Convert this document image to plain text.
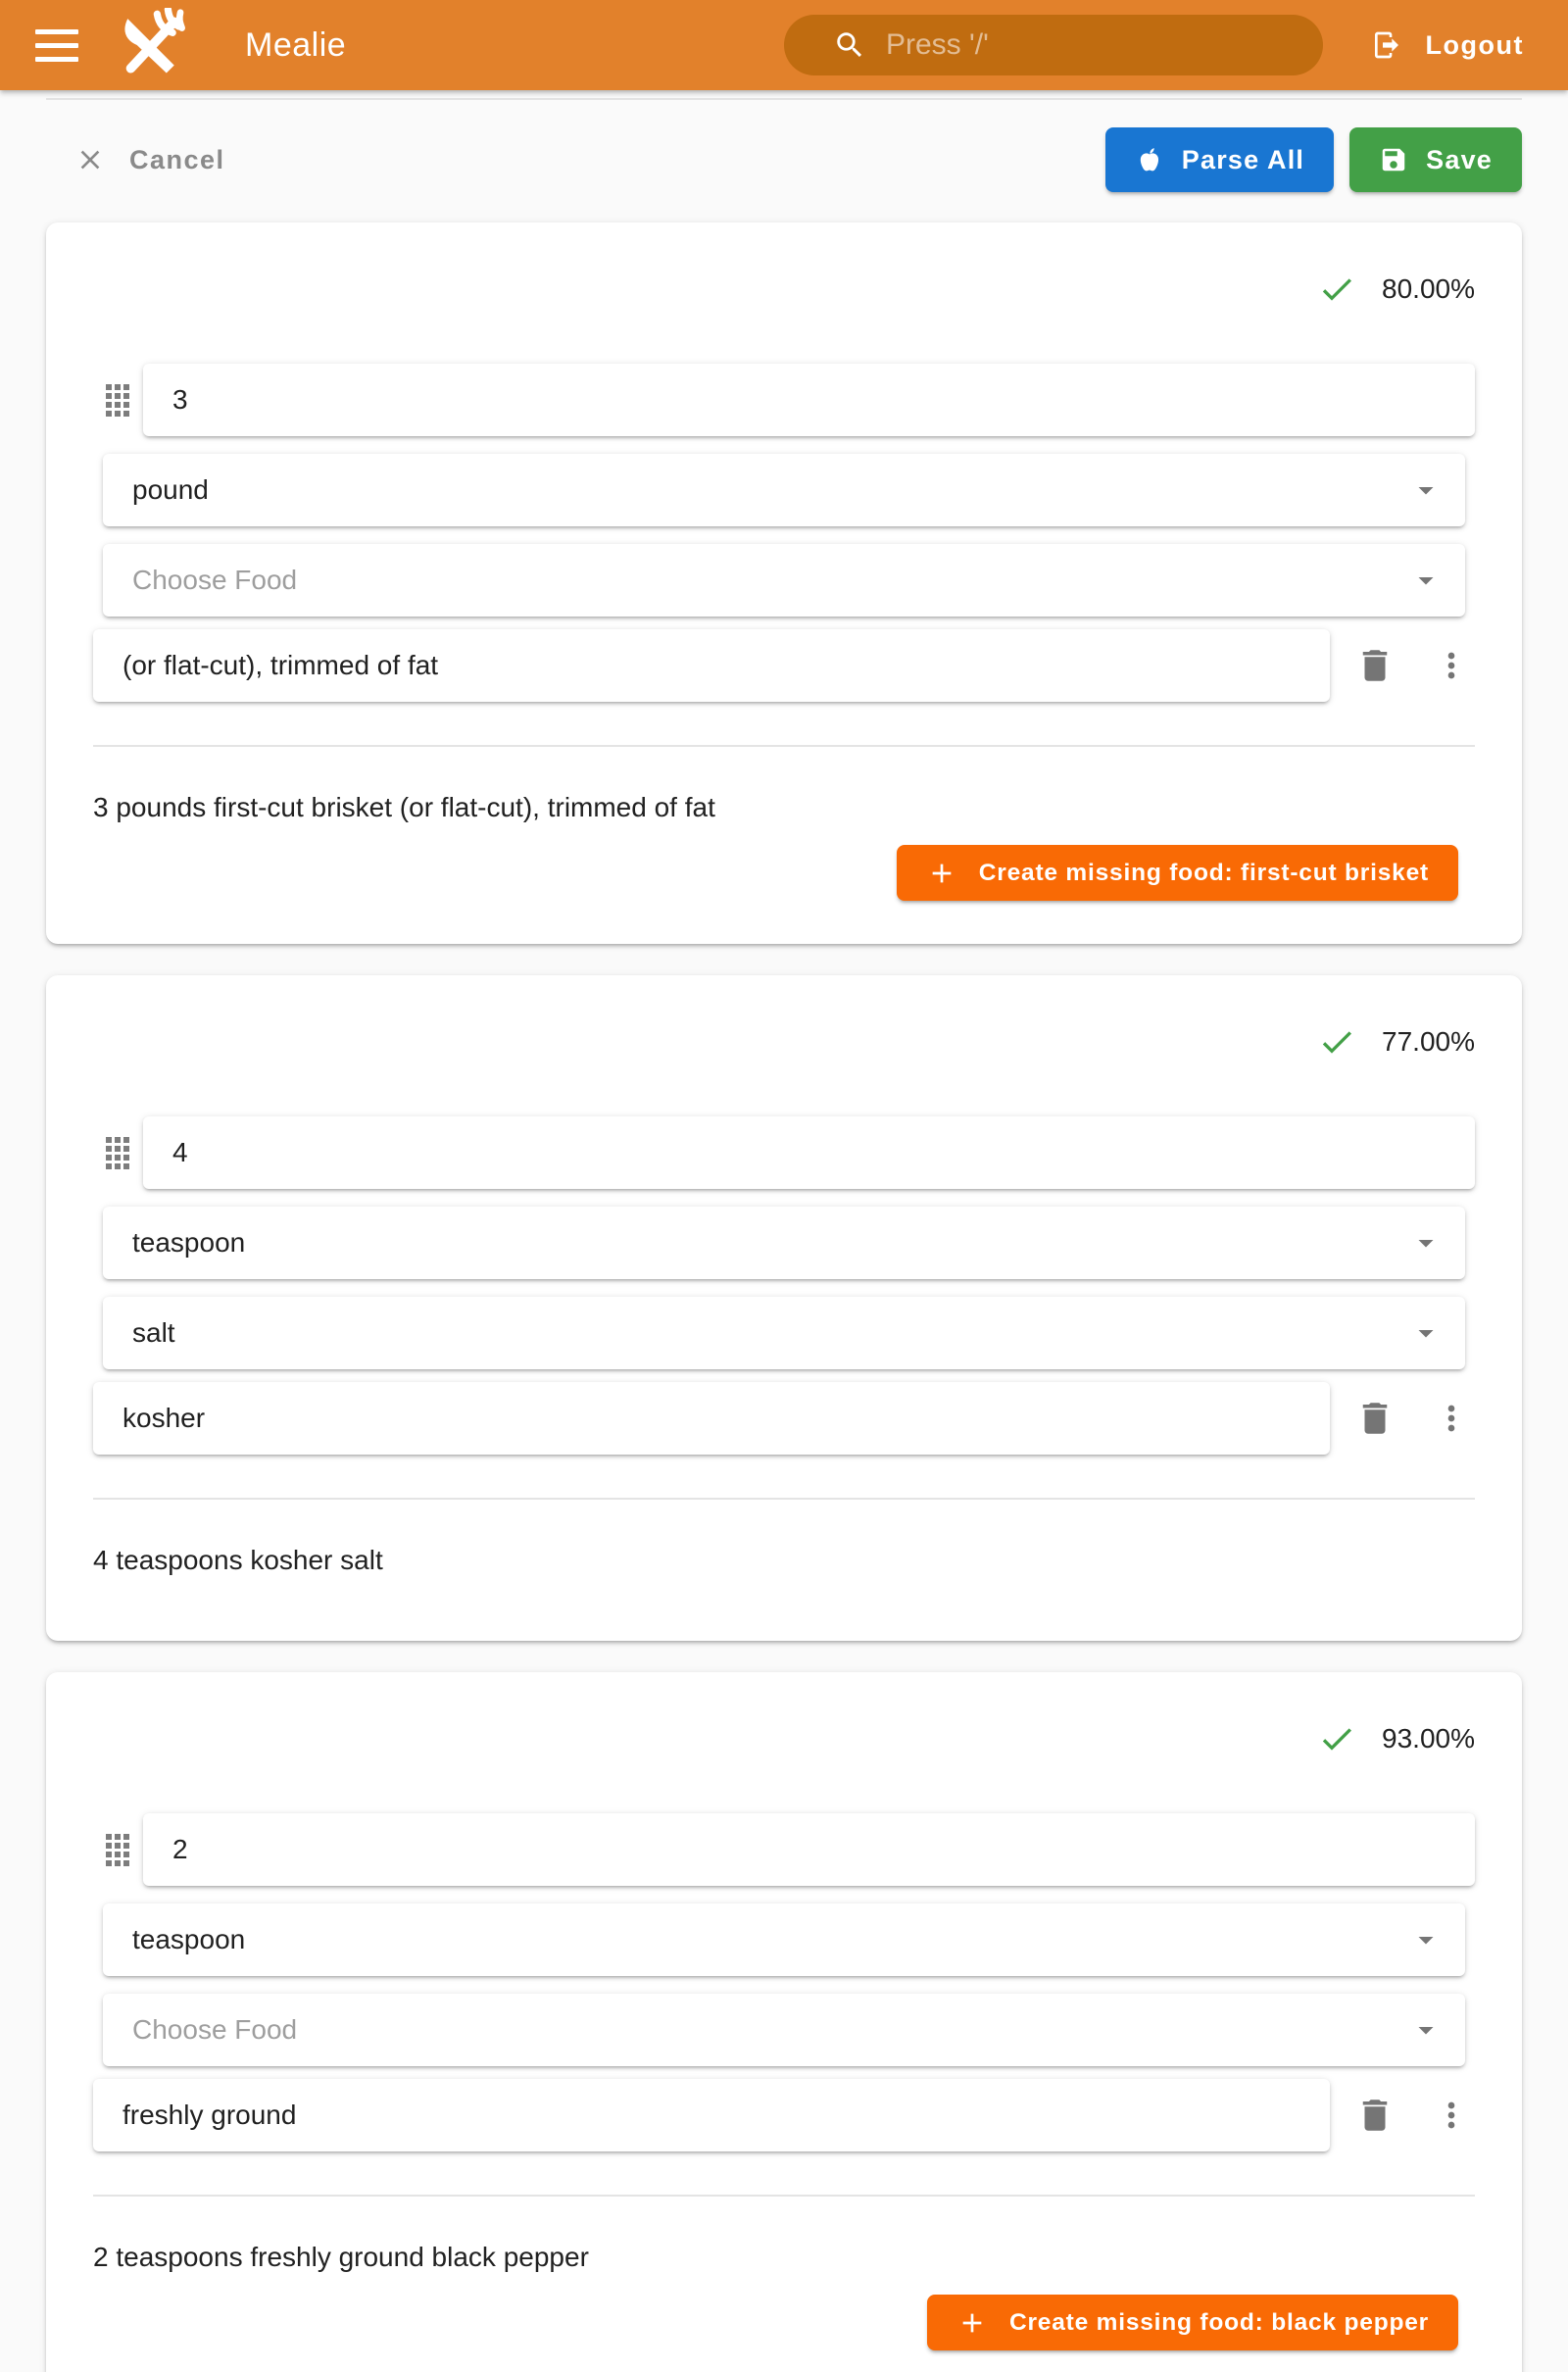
Mealie	Press '/'	Logout
Cancel	Parse All	Save
80.00%
3
pound
Choose Food
(or flat-cut), trimmed of fat
3 pounds first-cut brisket (or flat-cut), trimmed of fat
Create missing food: first-cut brisket
77.00%
4
teaspoon
salt
kosher
4 teaspoons kosher salt
93.00%
2
teaspoon
Choose Food
freshly ground
2 teaspoons freshly ground black pepper
Create missing food: black pepper
